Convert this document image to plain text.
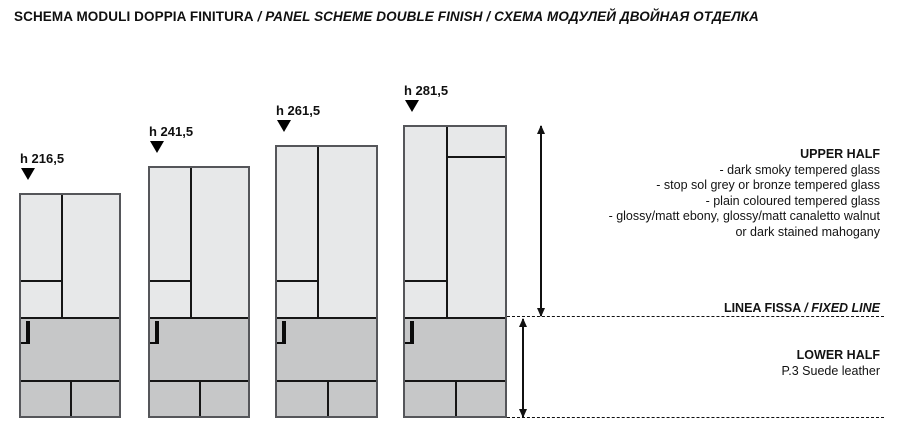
SCHEMA MODULI DOPPIA FINITURA / PANEL SCHEME DOUBLE FINISH / СХЕМА МОДУЛЕЙ ДВОЙНАЯ ОТДЕЛКА
UPPER HALF
- dark smoky tempered glass
- stop sol grey or bronze tempered glass
- plain coloured tempered glass
- glossy/matt ebony, glossy/matt canaletto walnut
or dark stained mahogany
LINEA FISSA / FIXED LINE
LOWER HALF
P.3 Suede leather
h 216,5
h 241,5
h 261,5
h 281,5
